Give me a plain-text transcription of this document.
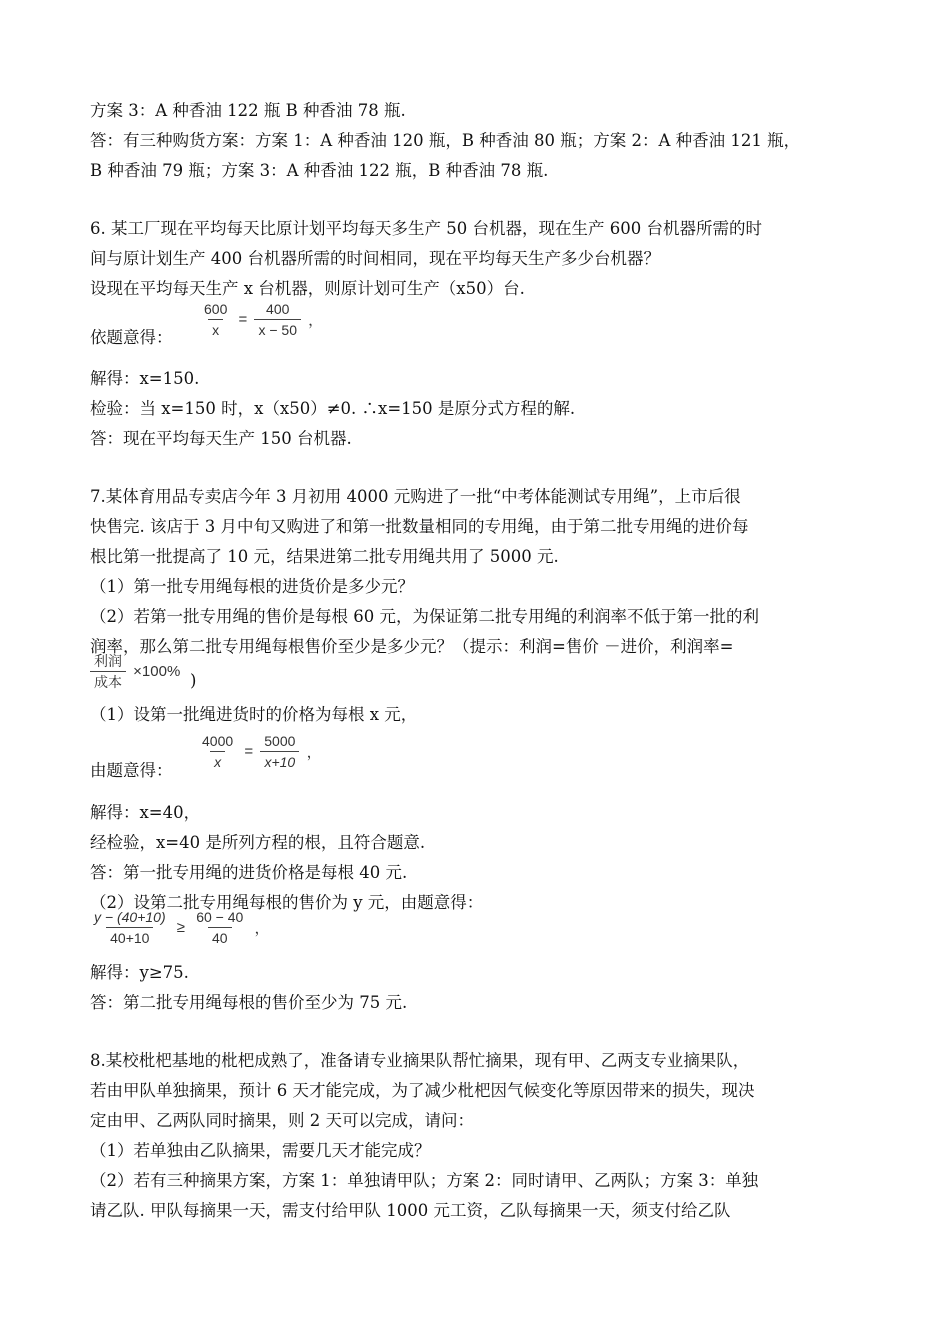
方案 3：A 种香油 122 瓶 B 种香油 78 瓶.
答：有三种购货方案：方案 1：A 种香油 120 瓶，B 种香油 80 瓶；方案 2：A 种香油 121 瓶，
B 种香油 79 瓶；方案 3：A 种香油 122 瓶，B 种香油 78 瓶.
6. 某工厂现在平均每天比原计划平均每天多生产 50 台机器，现在生产 600 台机器所需的时
间与原计划生产 400 台机器所需的时间相同，现在平均每天生产多少台机器？
设现在平均每天生产 x 台机器，则原计划可生产（x50）台.
$\frac{600}{x} = \frac{400}{x - 50}$ ，
依题意得：
解得：x=150.
检验：当 x=150 时，x（x50）≠0. ∴x=150 是原分式方程的解.
答：现在平均每天生产 150 台机器.
7.某体育用品专卖店今年 3 月初用 4000 元购进了一批“中考体能测试专用绳”，上市后很
快售完. 该店于 3 月中旬又购进了和第一批数量相同的专用绳，由于第二批专用绳的进价每
根比第一批提高了 10 元，结果进第二批专用绳共用了 5000 元.
（1）第一批专用绳每根的进货价是多少元？
（2）若第一批专用绳的售价是每根 60 元，为保证第二批专用绳的利润率不低于第一批的利
润率，那么第二批专用绳每根售价至少是多少元？（提示：利润=售价 －进价，利润率=
$\frac{\text{利润}}{\text{成本}} \times 100\%$ )
（1）设第一批绳进货时的价格为每根 x 元，
$\frac{4000}{x} = \frac{5000}{x+10}$ ，
由题意得：
解得：x=40，
经检验，x=40 是所列方程的根，且符合题意.
答：第一批专用绳的进货价格是每根 40 元.
（2）设第二批专用绳每根的售价为 y 元，由题意得：
$\frac{y - (40+10)}{40+10} \ge \frac{60 - 40}{40}$ ，
解得：y≥75.
答：第二批专用绳每根的售价至少为 75 元.
8.某校枇杷基地的枇杷成熟了，准备请专业摘果队帮忙摘果，现有甲、乙两支专业摘果队，
若由甲队单独摘果，预计 6 天才能完成，为了减少枇杷因气候变化等原因带来的损失，现决
定由甲、乙两队同时摘果，则 2 天可以完成，请问：
（1）若单独由乙队摘果，需要几天才能完成？
（2）若有三种摘果方案，方案 1：单独请甲队；方案 2：同时请甲、乙两队；方案 3：单独
请乙队. 甲队每摘果一天，需支付给甲队 1000 元工资，乙队每摘果一天，须支付给乙队
